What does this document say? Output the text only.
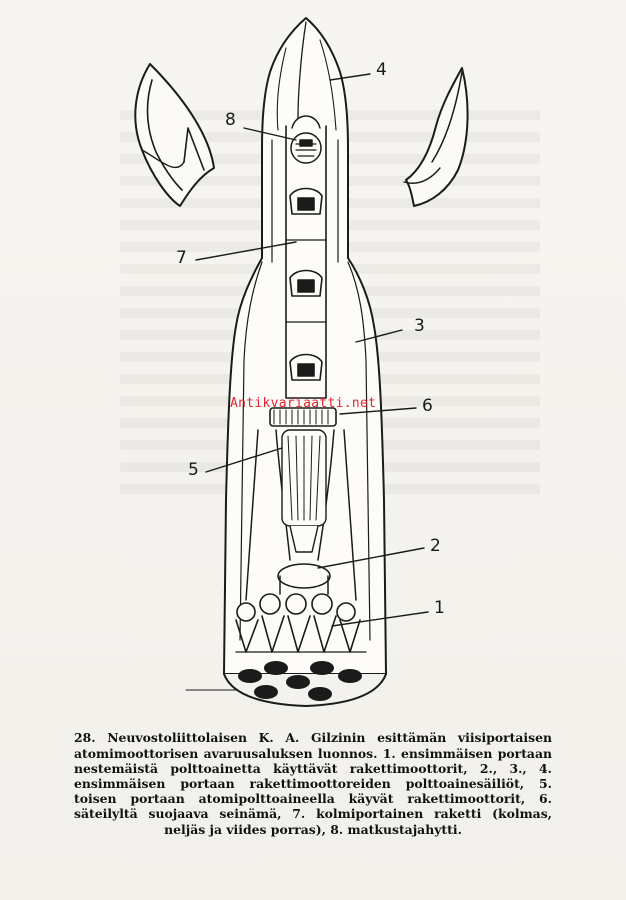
4
8
7
3
6
5
2
1
Antikvariaatti.net

28. Neuvostoliittolaisen K. A. Gilzinin esittämän viisiportaisen atomimoottorisen avaruusaluksen luonnos. 1. ensimmäisen portaan nestemäistä polttoainetta käyttävät rakettimoottorit, 2., 3., 4. ensimmäisen portaan rakettimoottoreiden polttoainesäiliöt, 5. toisen portaan atomipolttoaineella käyvät rakettimoottorit, 6. säteilyltä suojaava seinämä, 7. kolmiportainen raketti (kolmas, neljäs ja viides porras), 8. matkustajahytti.
